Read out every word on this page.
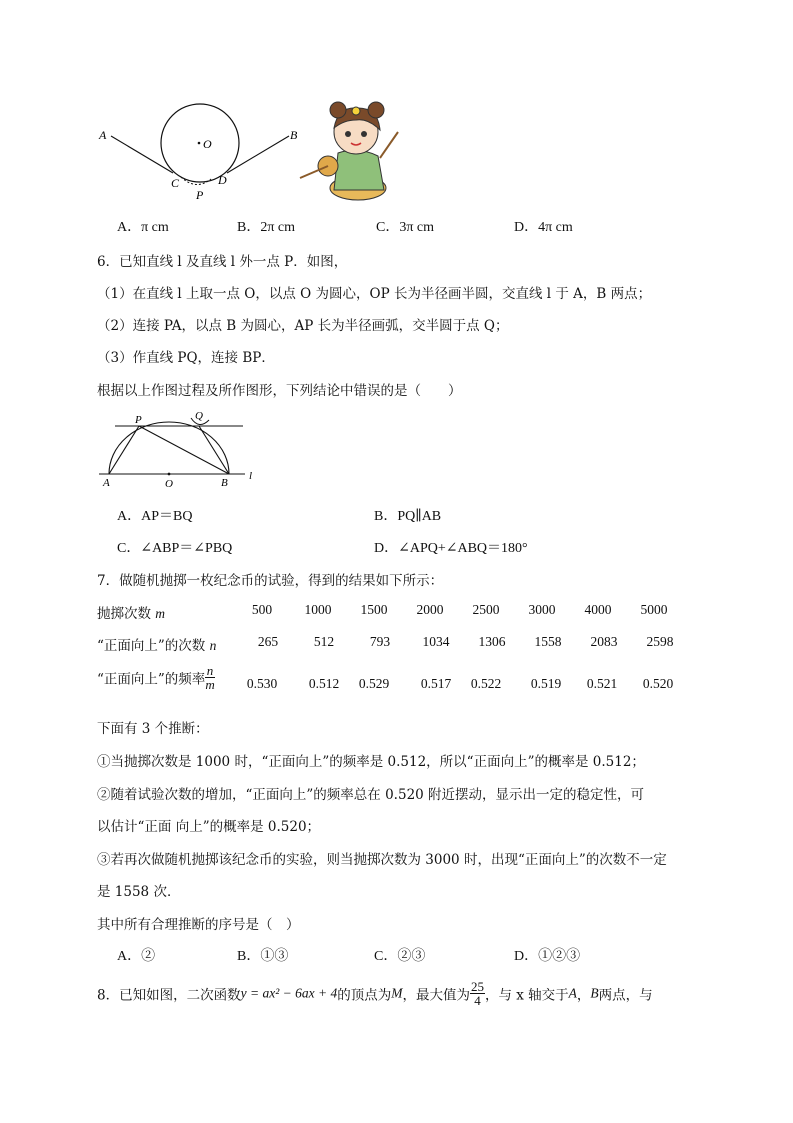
A	B
O
C	D
P
A．π cm	B．2π cm	C．3π cm	D．4π cm
6．已知直线 l 及直线 l 外一点 P．如图，
（1）在直线 l 上取一点 O，以点 O 为圆心，OP 长为半径画半圆，交直线 l 于 A，B 两点；
（2）连接 PA，以点 B 为圆心，AP 长为半径画弧，交半圆于点 Q；
（3）作直线 PQ，连接 BP．
根据以上作图过程及所作图形，下列结论中错误的是（　　）
P	Q
A	O	B
l
A．AP＝BQ	B．PQ∥AB
C．∠ABP＝∠PBQ	D．∠APQ+∠ABQ＝180°
7．做随机抛掷一枚纪念币的试验，得到的结果如下所示：
抛掷次数 m	500	1000	1500	2000	2500	3000	4000	5000
“正面向上”的次数 n	265	512	793	1034	1306	1558	2083	2598
“正面向上”的频率 $\frac{n}{m}$	0.530	0.512	0.529	0.517	0.522	0.519	0.521	0.520
下面有 3 个推断：
①当抛掷次数是 1000 时，“正面向上”的频率是 0.512，所以“正面向上”的概率是 0.512；
②随着试验次数的增加，“正面向上”的频率总在 0.520 附近摆动，显示出一定的稳定性，可
以估计“正面 向上”的概率是 0.520；
③若再次做随机抛掷该纪念币的实验，则当抛掷次数为 3000 时，出现“正面向上”的次数不一定
是 1558 次．
其中所有合理推断的序号是（　）
A．②	B．①③	C．②③	D．①②③
8．已知如图，二次函数y = ax² − 6ax + 4的顶点为M，最大值为 $\frac{25}{4}$ ，与 x 轴交于A，B两点，与
